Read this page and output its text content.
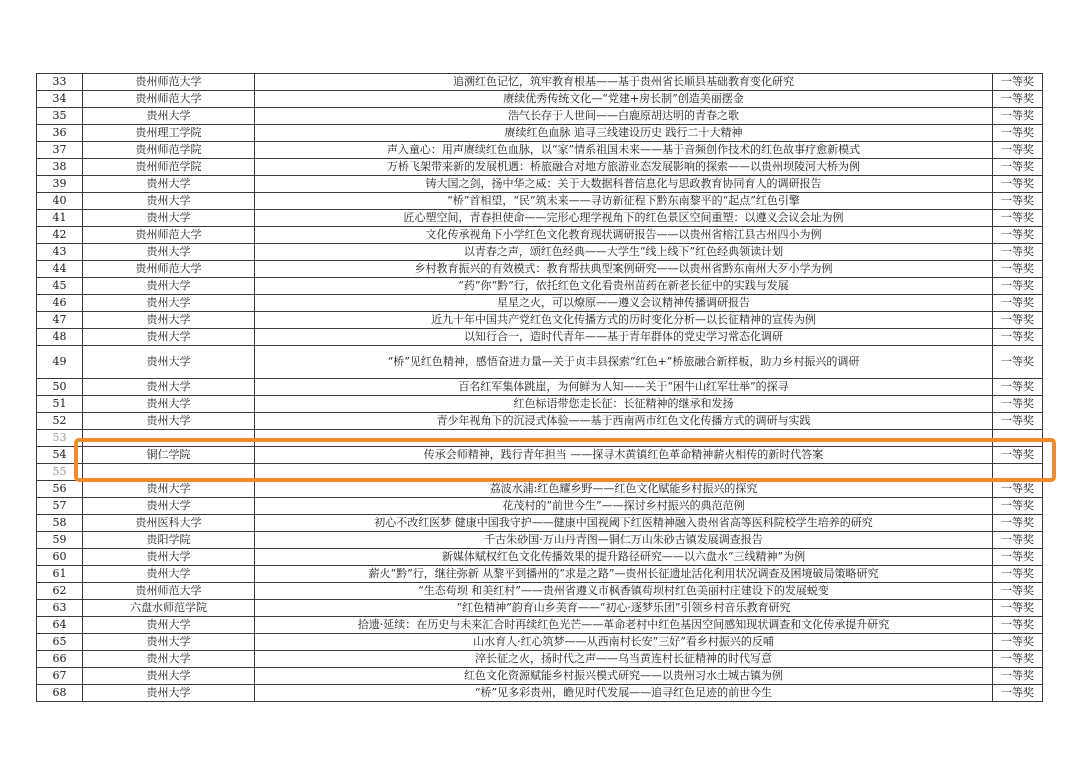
33	贵州师范大学	追溯红色记忆，筑牢教育根基——基于贵州省长顺县基础教育变化研究	一等奖
34	贵州师范大学	赓续优秀传统文化—“党建+房长制”创造美丽摆金	一等奖
35	贵州大学	浩气长存于人世间——白鹿原胡达明的青春之歌	一等奖
36	贵州理工学院	赓续红色血脉 追寻三线建设历史 践行二十大精神	一等奖
37	贵州师范学院	声入童心：用声赓续红色血脉，以“家”情系祖国未来——基于音频创作技术的红色故事疗愈新模式	一等奖
38	贵州师范学院	万桥飞架带来新的发展机遇：桥旅融合对地方旅游业态发展影响的探索——以贵州坝陵河大桥为例	一等奖
39	贵州大学	铸大国之剑，扬中华之威：关于大数据科普信息化与思政教育协同育人的调研报告	一等奖
40	贵州大学	“桥”首相望，“民”筑未来——寻访新征程下黔东南黎平的“起点”红色引擎	一等奖
41	贵州大学	匠心塑空间，青春担使命——完形心理学视角下的红色景区空间重塑：以遵义会议会址为例	一等奖
42	贵州师范大学	文化传承视角下小学红色文化教育现状调研报告——以贵州省榕江县古州四小为例	一等奖
43	贵州大学	以青春之声，颂红色经典——大学生“线上线下”红色经典领读计划	一等奖
44	贵州师范大学	乡村教育振兴的有效模式：教育帮扶典型案例研究——以贵州省黔东南州大歹小学为例	一等奖
45	贵州大学	“药”你“黔”行，依托红色文化看贵州苗药在新老长征中的实践与发展	一等奖
46	贵州大学	星星之火，可以燎原——遵义会议精神传播调研报告	一等奖
47	贵州大学	近九十年中国共产党红色文化传播方式的历时变化分析—以长征精神的宣传为例	一等奖
48	贵州大学	以知行合一，造时代青年——基于青年群体的党史学习常态化调研	一等奖
49	贵州大学	“桥”见红色精神，感悟奋进力量—关于贞丰县探索“红色+”桥旅融合新样板，助力乡村振兴的调研	一等奖
50	贵州大学	百名红军集体跳崖，为何鲜为人知——关于“困牛山红军壮举”的探寻	一等奖
51	贵州大学	红色标语带您走长征：长征精神的继承和发扬	一等奖
52	贵州大学	青少年视角下的沉浸式体验——基于西南两市红色文化传播方式的调研与实践	一等奖
53			
54	铜仁学院	传承会师精神，践行青年担当 ——探寻木黄镇红色革命精神薪火相传的新时代答案	一等奖
55			
56	贵州大学	荔波水浦:红色耀乡野——红色文化赋能乡村振兴的探究	一等奖
57	贵州大学	花茂村的“前世今生”——探讨乡村振兴的典范范例	一等奖
58	贵州医科大学	初心不改红医梦 健康中国我守护——健康中国视阈下红医精神融入贵州省高等医科院校学生培养的研究	一等奖
59	贵阳学院	千古朱砂国·万山丹青图—铜仁万山朱砂古镇发展调查报告	一等奖
60	贵州大学	新媒体赋权红色文化传播效果的提升路径研究——以六盘水“三线精神”为例	一等奖
61	贵州大学	薪火“黔”行，继往弥新 从黎平到播州的“求是之路”—贵州长征遗址活化利用状况调查及困境破局策略研究	一等奖
62	贵州师范大学	“生态苟坝 和美红村”——贵州省遵义市枫香镇苟坝村红色美丽村庄建设下的发展蜕变	一等奖
63	六盘水师范学院	“红色精神”韵育山乡美育——“初心·逐梦乐团”引领乡村音乐教育研究	一等奖
64	贵州大学	拾遗·延续：在历史与未来汇合时再续红色光芒——革命老村中红色基因空间感知现状调查和文化传承提升研究	一等奖
65	贵州大学	山水育人·红心筑梦——从西南村长安“三好”看乡村振兴的反哺	一等奖
66	贵州大学	淬长征之火，扬时代之声——乌当黄连村长征精神的时代写意	一等奖
67	贵州大学	红色文化资源赋能乡村振兴模式研究——以贵州习水土城古镇为例	一等奖
68	贵州大学	“桥”见多彩贵州，瞻见时代发展——追寻红色足迹的前世今生	一等奖
